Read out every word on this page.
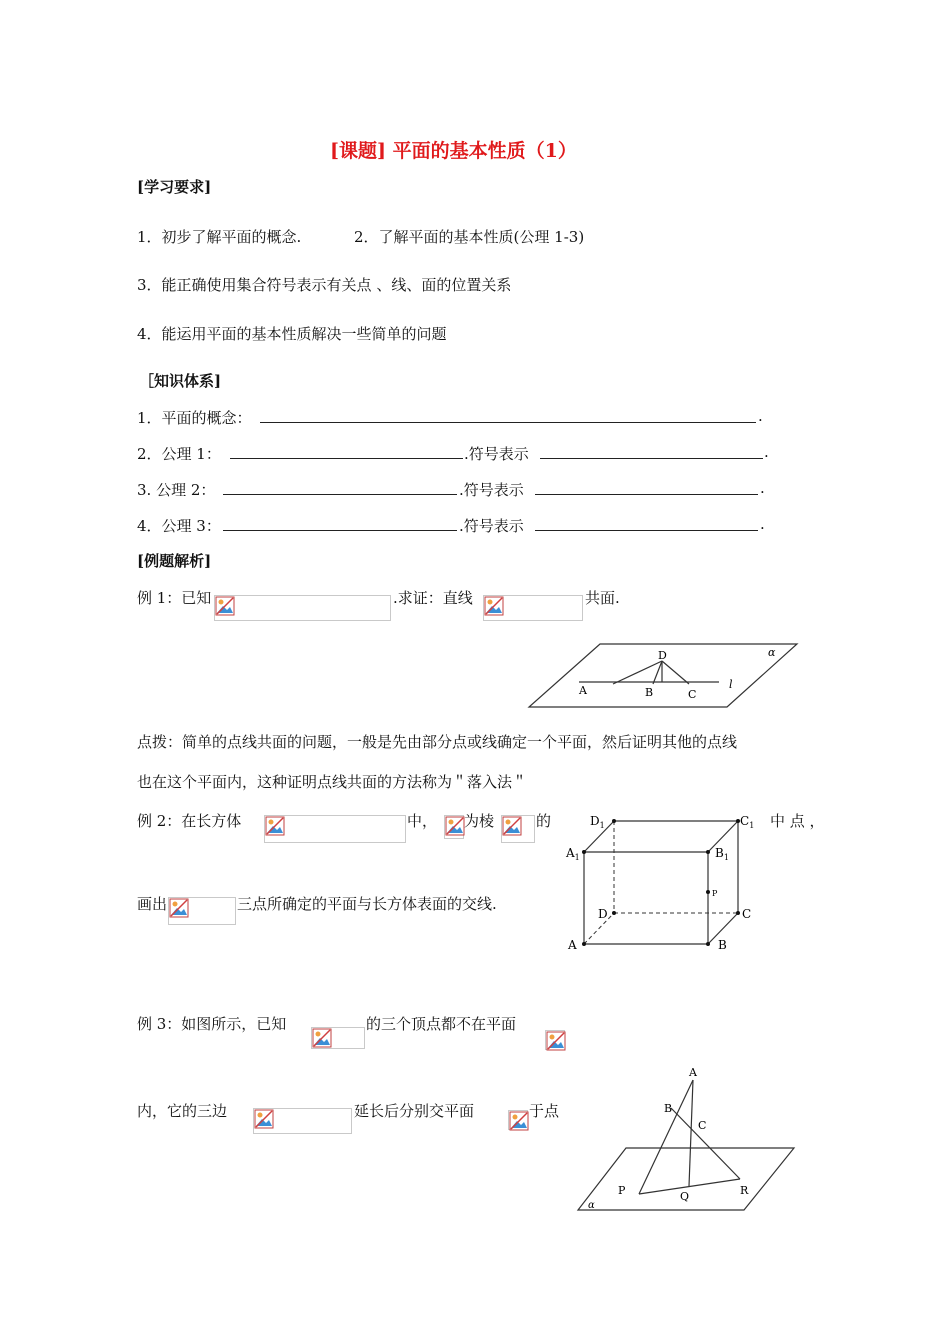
[课题] 平面的基本性质（1）
[学习要求]
1．初步了解平面的概念.	2．了解平面的基本性质(公理 1-3)
3．能正确使用集合符号表示有关点 、线、面的位置关系
4．能运用平面的基本性质解决一些简单的问题
［知识体系]
1．平面的概念：	.
2．公理 1：	.符号表示	.
3. 公理 2：	.符号表示	.
4．公理 3：	.符号表示	.
[例题解析]
例 1：已知	.求证：直线	共面.
D
A	B	C
l
α
点拨：简单的点线共面的问题，一般是先由部分点或线确定一个平面，然后证明其他的点线
也在这个平面内，这种证明点线共面的方法称为＂落入法＂
例 2：在长方体	中， 为棱	的	中 点 ，
画出	三点所确定的平面与长方体表面的交线.
$D_1$	$C_1$
$A_1$	$B_1$
P
D	C
A	B
例 3：如图所示，已知	的三个顶点都不在平面
内，它的三边	延长后分别交平面	于点
A
B
C
P	Q	R
α
